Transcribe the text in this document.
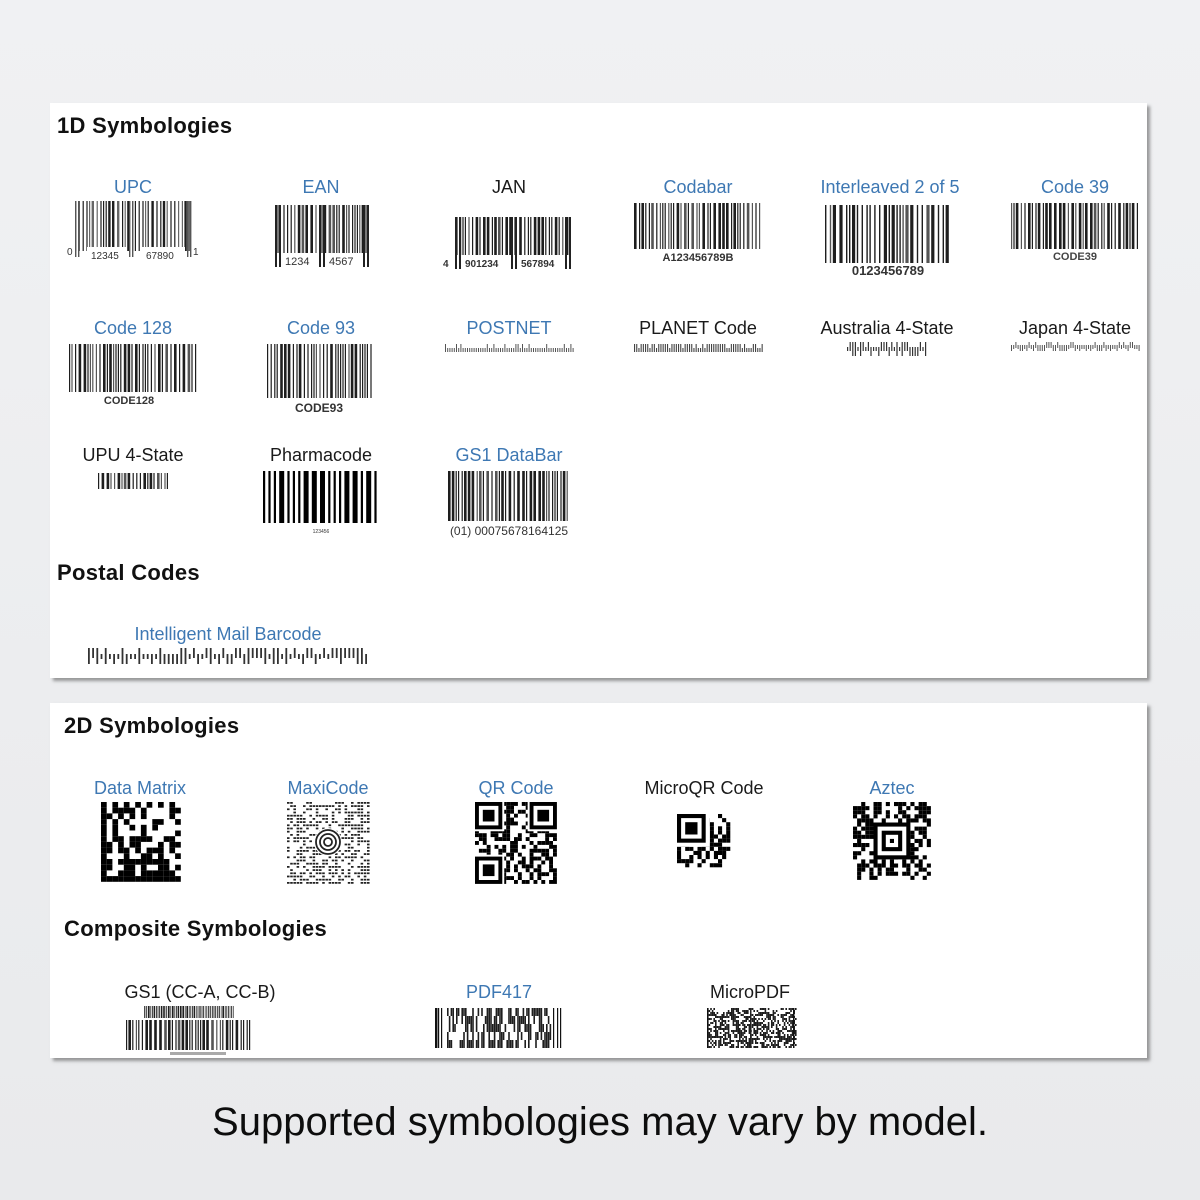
1D Symbologies
UPC
0 12345	67890 1
EAN
1234 4567
JAN
4 901234 567894
Codabar
A123456789B
Interleaved 2 of 5
0123456789
Code 39
CODE39
Code 128
CODE128
Code 93
CODE93
POSTNET	PLANET Code	Australia 4-State	Japan 4-State
UPU 4-State	Pharmacode
123456
GS1 DataBar
(01) 00075678164125
Postal Codes
Intelligent Mail Barcode
2D Symbologies
Data Matrix	MaxiCode	QR Code	MicroQR Code	Aztec
Composite Symbologies
GS1 (CC-A, CC-B)	PDF417	MicroPDF
Supported symbologies may vary by model.
